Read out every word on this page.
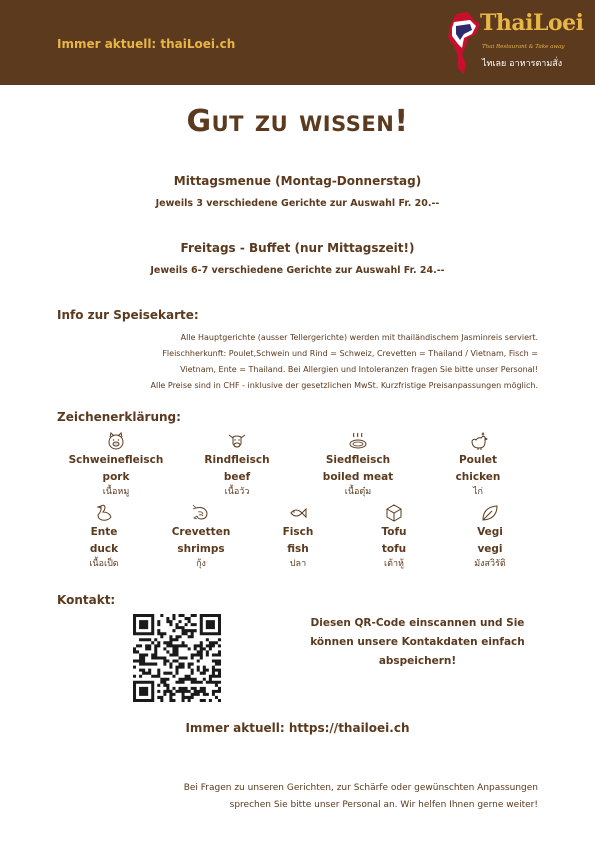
Immer aktuell: thaiLoei.ch
ThaiLoei
Thai Restaurant & Take away
ไทเลย อาหารตามสั่ง
Gut zu wissen!
Mittagsmenue (Montag-Donnerstag)
Jeweils 3 verschiedene Gerichte zur Auswahl Fr. 20.--
Freitags - Buffet (nur Mittagszeit!)
Jeweils 6-7 verschiedene Gerichte zur Auswahl Fr. 24.--
Info zur Speisekarte:
Alle Hauptgerichte (ausser Tellergerichte) werden mit thailändischem Jasminreis serviert.
Fleischherkunft: Poulet,Schwein und Rind = Schweiz, Crevetten = Thailand / Vietnam, Fisch =
Vietnam, Ente = Thailand. Bei Allergien und Intoleranzen fragen Sie bitte unser Personal!
Alle Preise sind in CHF - inklusive der gesetzlichen MwSt. Kurzfristige Preisanpassungen möglich.
Zeichenerklärung:
Schweinefleisch
pork
เนื้อหมู
Rindfleisch
beef
เนื้อวัว
Siedfleisch
boiled meat
เนื้อตุ๋ม
Poulet
chicken
ไก่
Ente
duck
เนื้อเป็ด
Crevetten
shrimps
กุ้ง
Fisch
fish
ปลา
Tofu
tofu
เต้าหู้
Vegi
vegi
มังสวิรัติ
Kontakt:
Diesen QR-Code einscannen und Sie
können unsere Kontakdaten einfach
abspeichern!
Immer aktuell: https://thailoei.ch
Bei Fragen zu unseren Gerichten, zur Schärfe oder gewünschten Anpassungen
sprechen Sie bitte unser Personal an. Wir helfen Ihnen gerne weiter!
